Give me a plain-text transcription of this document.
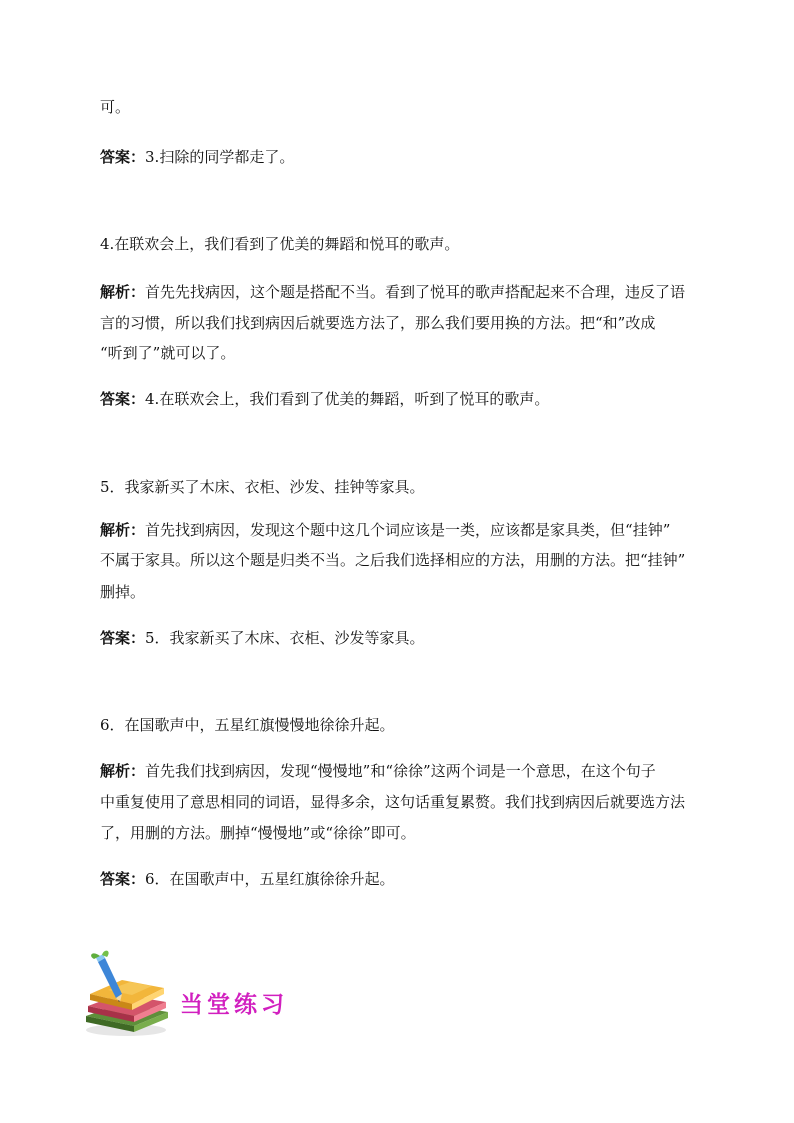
可。
答案：3.扫除的同学都走了。
4.在联欢会上，我们看到了优美的舞蹈和悦耳的歌声。
解析：首先先找病因，这个题是搭配不当。看到了悦耳的歌声搭配起来不合理，违反了语
言的习惯，所以我们找到病因后就要选方法了，那么我们要用换的方法。把“和”改成
“听到了”就可以了。
答案：4.在联欢会上，我们看到了优美的舞蹈，听到了悦耳的歌声。
5．我家新买了木床、衣柜、沙发、挂钟等家具。
解析：首先找到病因，发现这个题中这几个词应该是一类，应该都是家具类，但“挂钟”
不属于家具。所以这个题是归类不当。之后我们选择相应的方法，用删的方法。把“挂钟”
删掉。
答案：5．我家新买了木床、衣柜、沙发等家具。
6．在国歌声中，五星红旗慢慢地徐徐升起。
解析：首先我们找到病因，发现“慢慢地”和“徐徐”这两个词是一个意思，在这个句子
中重复使用了意思相同的词语，显得多余，这句话重复累赘。我们找到病因后就要选方法
了，用删的方法。删掉“慢慢地”或“徐徐”即可。
答案：6．在国歌声中，五星红旗徐徐升起。
当堂练习
